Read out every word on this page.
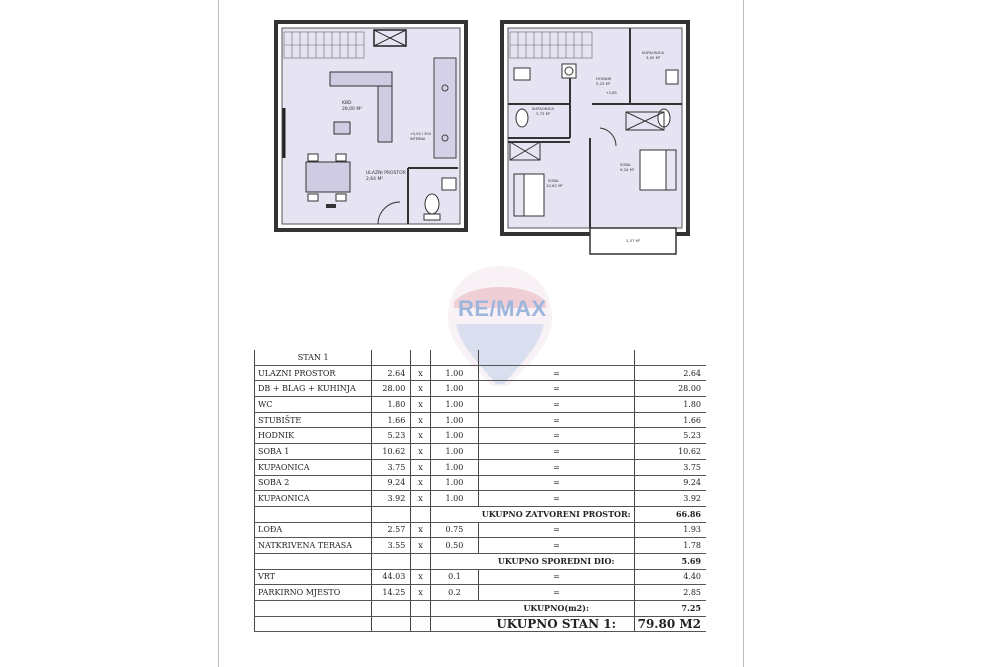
KBD
28,00 M²
ULAZNI PROSTOR
2,64 M²
+0,00 / 300
INTERNA
KUPAONICA
3,92 M²
HODNIK
5,23 M²
+2,85
KUPAONICA
3,75 M²
SOBA
10,62 M²
SOBA
9,24 M²
2,57 M²
RE/MAX
STAN 1					
ULAZNI PROSTOR	2.64	x	1.00	=	2.64
DB + BLAG + KUHINJA	28.00	x	1.00	=	28.00
WC	1.80	x	1.00	=	1.80
STUBIŠTE	1.66	x	1.00	=	1.66
HODNIK	5.23	x	1.00	=	5.23
SOBA 1	10.62	x	1.00	=	10.62
KUPAONICA	3.75	x	1.00	=	3.75
SOBA 2	9.24	x	1.00	=	9.24
KUPAONICA	3.92	x	1.00	=	3.92
				UKUPNO ZATVORENI PROSTOR:	66.86
LOĐA	2.57	x	0.75	=	1.93
NATKRIVENA TERASA	3.55	x	0.50	=	1.78
				UKUPNO SPOREDNI DIO:	5.69
VRT	44.03	x	0.1	=	4.40
PARKIRNO MJESTO	14.25	x	0.2	=	2.85
				UKUPNO(m2):	7.25
				UKUPNO STAN 1:	79.80 M2
